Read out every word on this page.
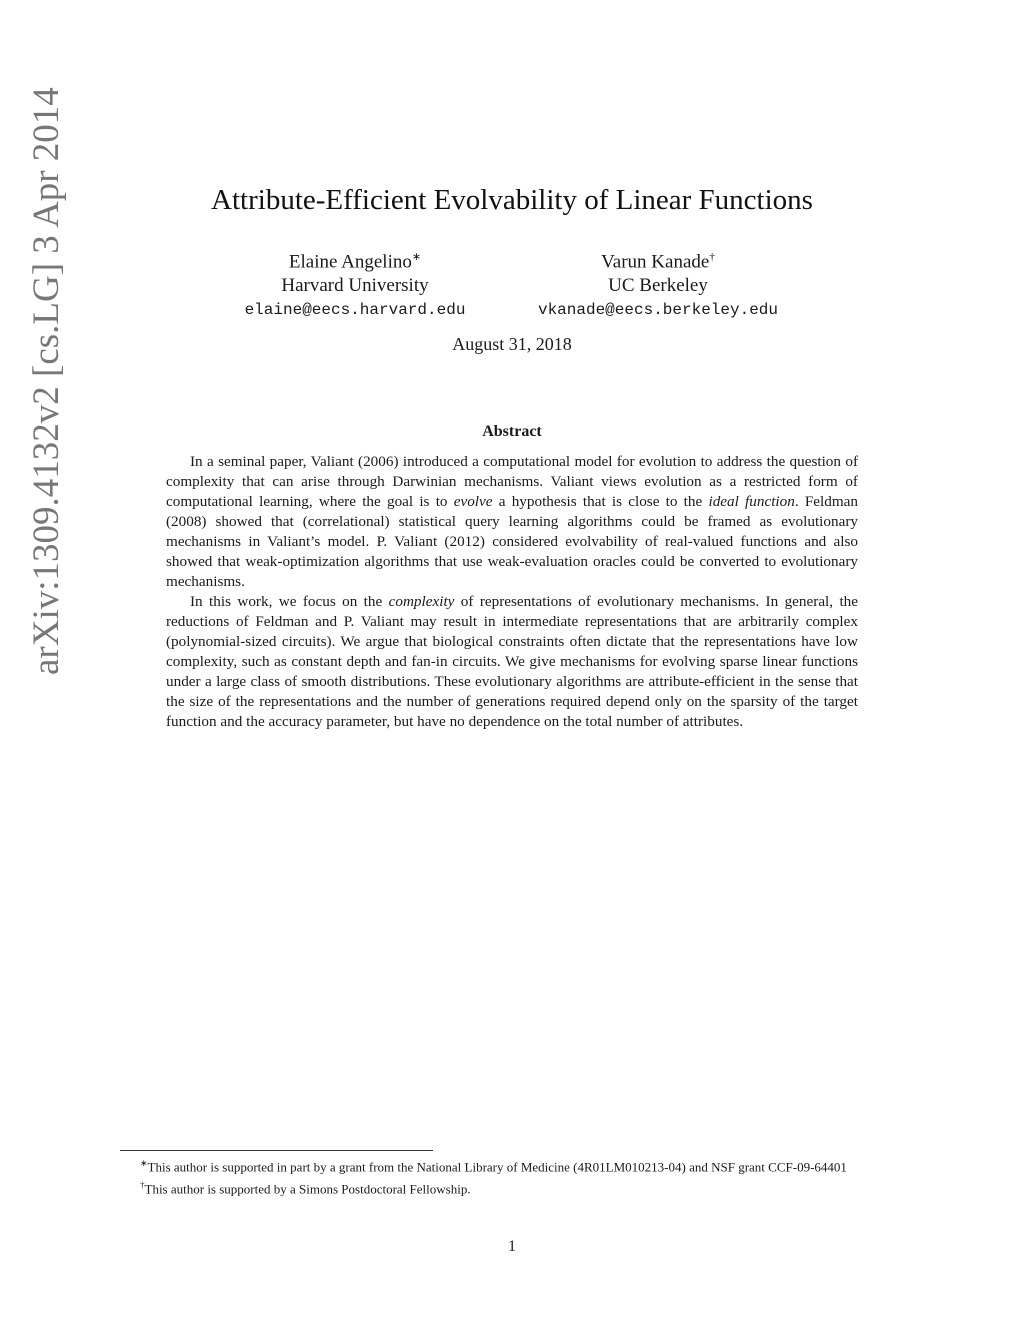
arXiv:1309.4132v2 [cs.LG] 3 Apr 2014	Attribute-Efficient Evolvability of Linear Functions
Elaine Angelino∗
Harvard University
elaine@eecs.harvard.edu
Varun Kanade†
UC Berkeley
vkanade@eecs.berkeley.edu
August 31, 2018
Abstract

In a seminal paper, Valiant (2006) introduced a computational model for evolution to address the question of complexity that can arise through Darwinian mechanisms. Valiant views evolution as a restricted form of computational learning, where the goal is to evolve a hypothesis that is close to the ideal function. Feldman (2008) showed that (correlational) statistical query learning algorithms could be framed as evolutionary mechanisms in Valiant’s model. P. Valiant (2012) considered evolvability of real-valued functions and also showed that weak-optimization algorithms that use weak-evaluation oracles could be converted to evolutionary mechanisms.

In this work, we focus on the complexity of representations of evolutionary mechanisms. In general, the reductions of Feldman and P. Valiant may result in intermediate representations that are arbitrarily complex (polynomial-sized circuits). We argue that biological constraints often dictate that the representations have low complexity, such as constant depth and fan-in circuits. We give mechanisms for evolving sparse linear functions under a large class of smooth distributions. These evolutionary algorithms are attribute-efficient in the sense that the size of the representations and the number of generations required depend only on the sparsity of the target function and the accuracy parameter, but have no dependence on the total number of attributes.

∗This author is supported in part by a grant from the National Library of Medicine (4R01LM010213-04) and NSF grant CCF-09-64401

†This author is supported by a Simons Postdoctoral Fellowship.

1
